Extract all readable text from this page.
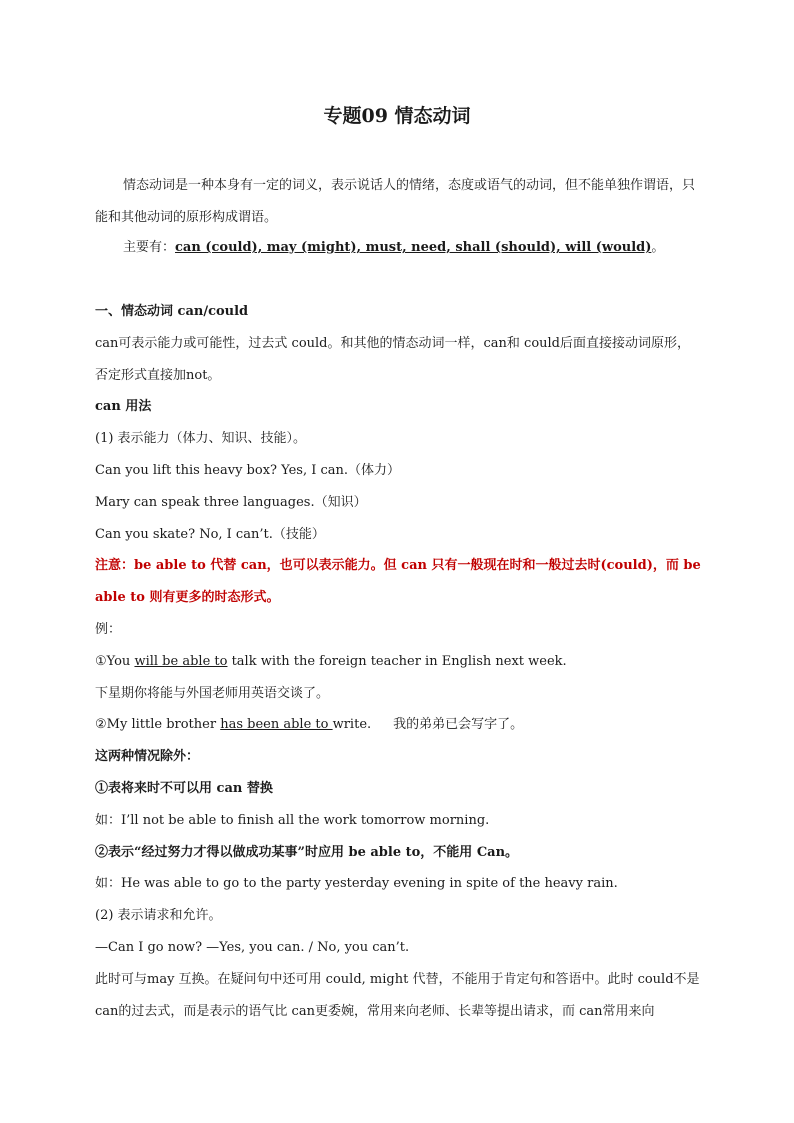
专题09 情态动词
情态动词是一种本身有一定的词义，表示说话人的情绪，态度或语气的动词，但不能单独作谓语，只能和其他动词的原形构成谓语。
主要有：can (could), may (might), must, need, shall (should), will (would)。
一、情态动词 can/could
can可表示能力或可能性，过去式 could。和其他的情态动词一样，can和 could后面直接接动词原形，
否定形式直接加not。
can 用法
(1) 表示能力（体力、知识、技能）。
Can you lift this heavy box? Yes, I can.（体力）
Mary can speak three languages.（知识）
Can you skate? No, I can’t.（技能）
注意：be able to 代替 can，也可以表示能力。但 can 只有一般现在时和一般过去时(could)，而 be
able to 则有更多的时态形式。
例：
①You will be able to talk with the foreign teacher in English next week.
下星期你将能与外国老师用英语交谈了。
②My little brother has been able to write. 我的弟弟已会写字了。
这两种情况除外：
①表将来时不可以用 can 替换
如：I’ll not be able to finish all the work tomorrow morning.
②表示“经过努力才得以做成功某事”时应用 be able to，不能用 Can。
如：He was able to go to the party yesterday evening in spite of the heavy rain.
(2) 表示请求和允许。
—Can I go now? —Yes, you can. / No, you can’t.
此时可与may 互换。在疑问句中还可用 could, might 代替，不能用于肯定句和答语中。此时 could不是 can的过去式，而是表示的语气比 can更委婉，常用来向老师、长辈等提出请求，而 can常用来向
